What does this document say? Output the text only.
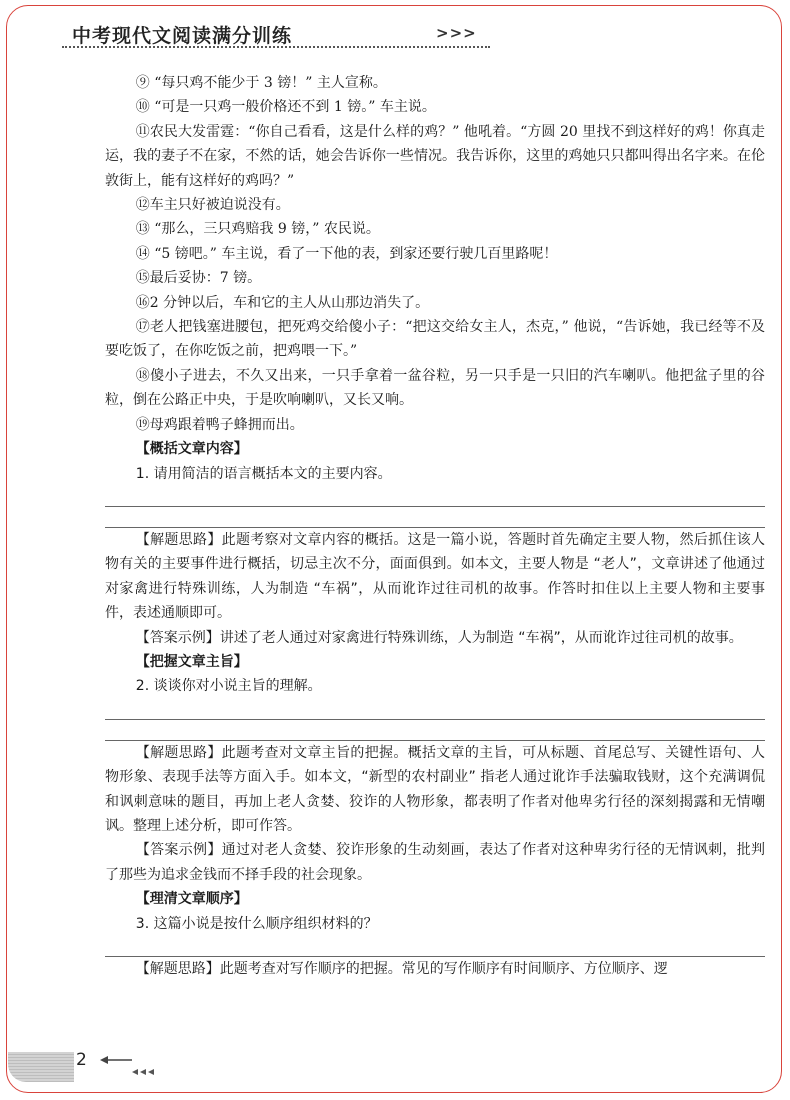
中考现代文阅读满分训练	>>>

⑨ “每只鸡不能少于 3 镑！” 主人宣称。

⑩ “可是一只鸡一般价格还不到 1 镑。” 车主说。

⑪农民大发雷霆：“你自己看看，这是什么样的鸡？” 他吼着。“方圆 20 里找不到这样好的鸡！你真走运，我的妻子不在家，不然的话，她会告诉你一些情况。我告诉你，这里的鸡她只只都叫得出名字来。在伦敦街上，能有这样好的鸡吗？”

⑫车主只好被迫说没有。

⑬ “那么，三只鸡赔我 9 镑，” 农民说。

⑭ “5 镑吧。” 车主说，看了一下他的表，到家还要行驶几百里路呢！

⑮最后妥协：7 镑。

⑯2 分钟以后，车和它的主人从山那边消失了。

⑰老人把钱塞进腰包，把死鸡交给傻小子：“把这交给女主人，杰克，” 他说，“告诉她，我已经等不及要吃饭了，在你吃饭之前，把鸡喂一下。”

⑱傻小子进去，不久又出来，一只手拿着一盆谷粒，另一只手是一只旧的汽车喇叭。他把盆子里的谷粒，倒在公路正中央，于是吹响喇叭，又长又响。

⑲母鸡跟着鸭子蜂拥而出。

【概括文章内容】

1. 请用简洁的语言概括本文的主要内容。

【解题思路】此题考察对文章内容的概括。这是一篇小说，答题时首先确定主要人物，然后抓住该人物有关的主要事件进行概括，切忌主次不分，面面俱到。如本文，主要人物是 “老人”，文章讲述了他通过对家禽进行特殊训练，人为制造 “车祸”，从而讹诈过往司机的故事。作答时扣住以上主要人物和主要事件，表述通顺即可。

【答案示例】讲述了老人通过对家禽进行特殊训练，人为制造 “车祸”，从而讹诈过往司机的故事。

【把握文章主旨】

2. 谈谈你对小说主旨的理解。

【解题思路】此题考查对文章主旨的把握。概括文章的主旨，可从标题、首尾总写、关键性语句、人物形象、表现手法等方面入手。如本文，“新型的农村副业” 指老人通过讹诈手法骗取钱财，这个充满调侃和讽刺意味的题目，再加上老人贪婪、狡诈的人物形象，都表明了作者对他卑劣行径的深刻揭露和无情嘲讽。整理上述分析，即可作答。

【答案示例】通过对老人贪婪、狡诈形象的生动刻画，表达了作者对这种卑劣行径的无情讽刺，批判了那些为追求金钱而不择手段的社会现象。

【理清文章顺序】

3. 这篇小说是按什么顺序组织材料的？

【解题思路】此题考查对写作顺序的把握。常见的写作顺序有时间顺序、方位顺序、逻

2
